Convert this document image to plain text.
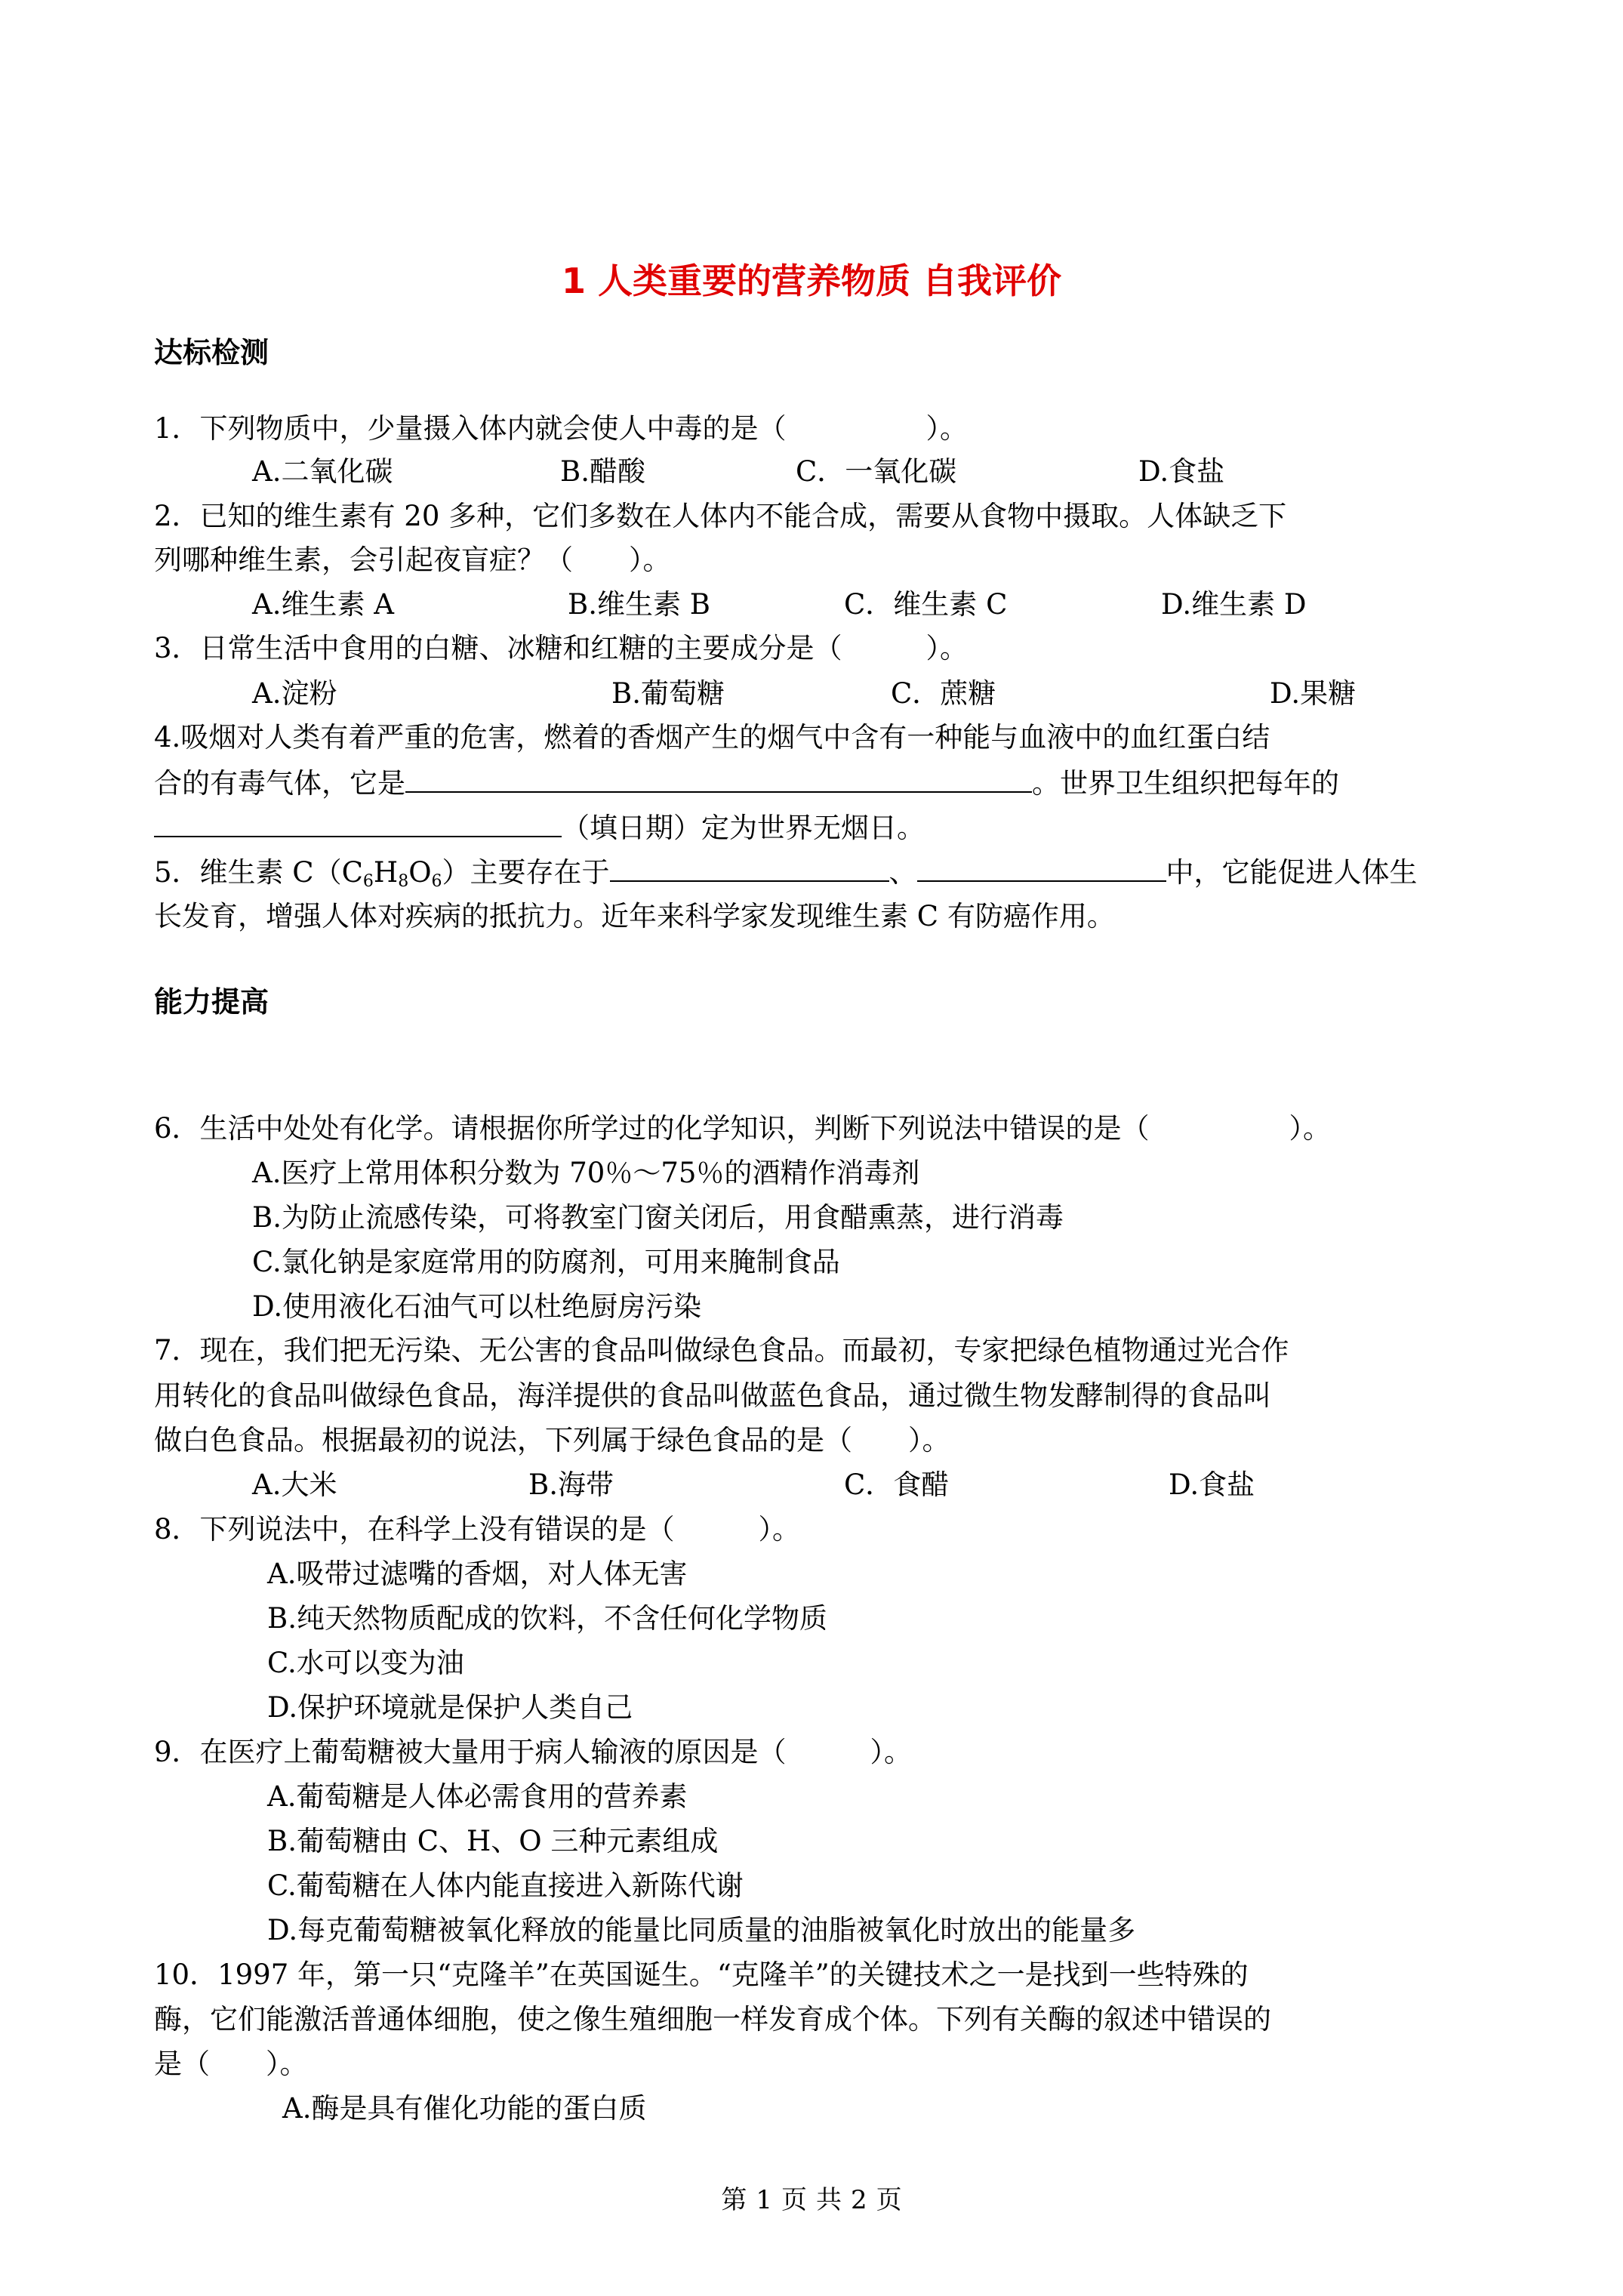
1 人类重要的营养物质 自我评价
达标检测
1．下列物质中，少量摄入体内就会使人中毒的是（　　　　　）。
A.二氧化碳	B.醋酸	C．一氧化碳	D.食盐
2．已知的维生素有 20 多种，它们多数在人体内不能合成，需要从食物中摄取。人体缺乏下
列哪种维生素，会引起夜盲症？（　　）。
A.维生素 A	B.维生素 B	C．维生素 C	D.维生素 D
3．日常生活中食用的白糖、冰糖和红糖的主要成分是（　　　）。
A.淀粉	B.葡萄糖	C．蔗糖	D.果糖
4.吸烟对人类有着严重的危害，燃着的香烟产生的烟气中含有一种能与血液中的血红蛋白结
合的有毒气体，它是	。世界卫生组织把每年的
（填日期）定为世界无烟日。
5．维生素 C（C6H8O6）主要存在于	、	中，它能促进人体生
长发育，增强人体对疾病的抵抗力。近年来科学家发现维生素 C 有防癌作用。
能力提高
6．生活中处处有化学。请根据你所学过的化学知识，判断下列说法中错误的是（　　　　　）。
A.医疗上常用体积分数为 70％～75％的酒精作消毒剂
B.为防止流感传染，可将教室门窗关闭后，用食醋熏蒸，进行消毒
C.氯化钠是家庭常用的防腐剂，可用来腌制食品
D.使用液化石油气可以杜绝厨房污染
7．现在，我们把无污染、无公害的食品叫做绿色食品。而最初，专家把绿色植物通过光合作
用转化的食品叫做绿色食品，海洋提供的食品叫做蓝色食品，通过微生物发酵制得的食品叫
做白色食品。根据最初的说法，下列属于绿色食品的是（　　）。
A.大米	B.海带	C．食醋	D.食盐
8．下列说法中，在科学上没有错误的是（　　　）。
A.吸带过滤嘴的香烟，对人体无害
B.纯天然物质配成的饮料，不含任何化学物质
C.水可以变为油
D.保护环境就是保护人类自己
9．在医疗上葡萄糖被大量用于病人输液的原因是（　　　）。
A.葡萄糖是人体必需食用的营养素
B.葡萄糖由 C、H、O 三种元素组成
C.葡萄糖在人体内能直接进入新陈代谢
D.每克葡萄糖被氧化释放的能量比同质量的油脂被氧化时放出的能量多
10．1997 年，第一只“克隆羊”在英国诞生。“克隆羊”的关键技术之一是找到一些特殊的
酶，它们能激活普通体细胞，使之像生殖细胞一样发育成个体。下列有关酶的叙述中错误的
是（　　）。
A.酶是具有催化功能的蛋白质
第 1 页 共 2 页
